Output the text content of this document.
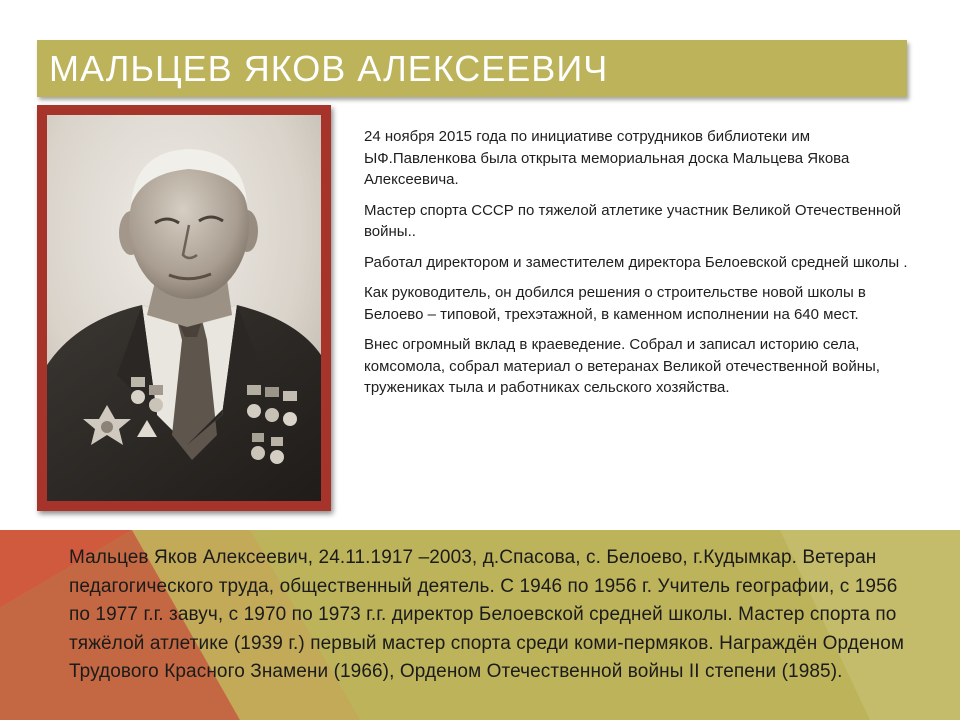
МАЛЬЦЕВ ЯКОВ АЛЕКСЕЕВИЧ

24 ноября 2015 года по инициативе сотрудников библиотеки им ЫФ.Павленкова была открыта мемориальная доска Мальцева Якова Алексеевича.

Мастер спорта СССР по тяжелой атлетике участник Великой Отечественной войны..

Работал директором и заместителем директора Белоевской средней школы .

Как руководитель, он добился решения о строительстве новой школы в Белоево – типовой, трехэтажной, в каменном исполнении на 640 мест.

Внес огромный вклад в краеведение. Собрал и записал историю села, комсомола, собрал материал о ветеранах Великой отечественной войны, тружениках тыла и работниках сельского хозяйства.

Мальцев Яков Алексеевич, 24.11.1917 –2003, д.Спасова, с. Белоево, г.Кудымкар. Ветеран педагогического труда, общественный деятель. С 1946 по 1956 г. Учитель географии, с 1956 по 1977 г.г. завуч, с 1970 по 1973 г.г. директор Белоевской средней школы. Мастер спорта по тяжёлой атлетике (1939 г.) первый мастер спорта среди коми-пермяков. Награждён Орденом Трудового Красного Знамени (1966), Орденом Отечественной войны II степени (1985).
